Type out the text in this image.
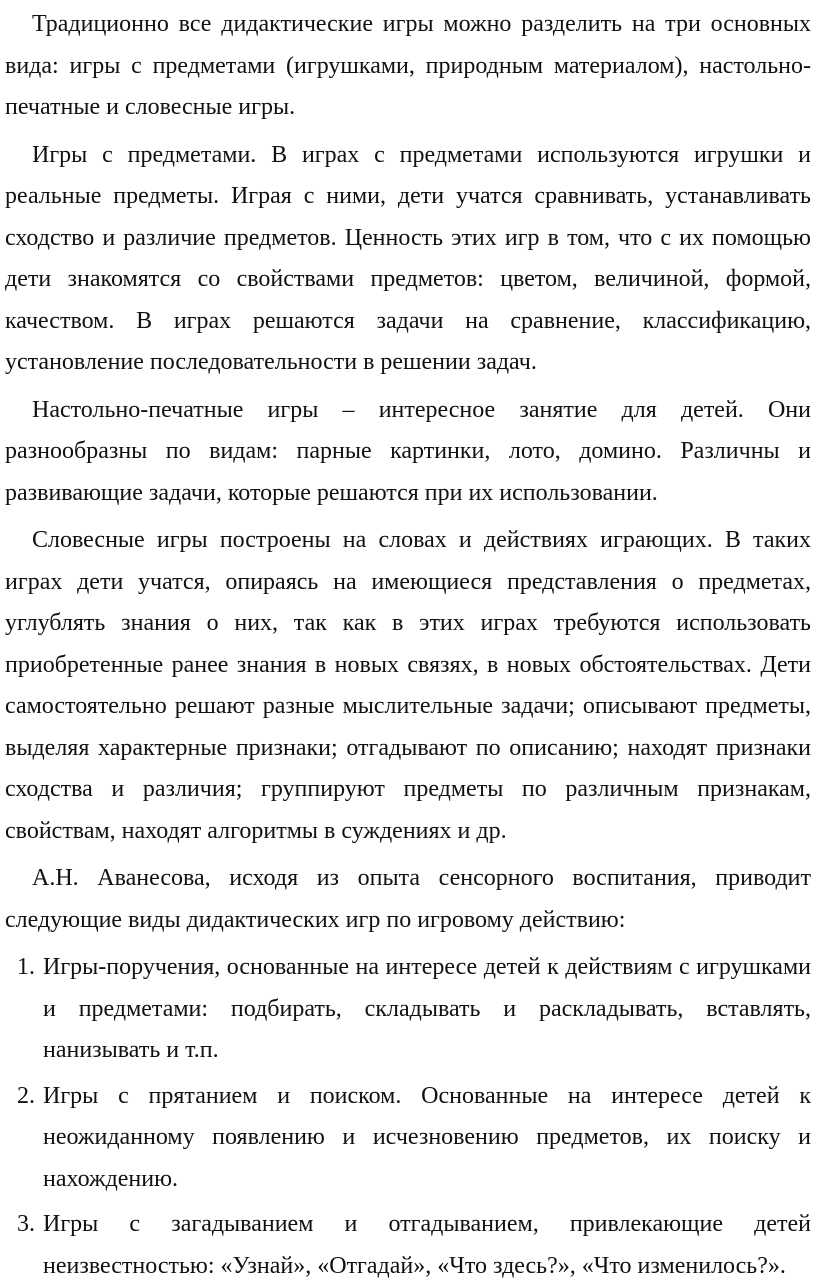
Традиционно все дидактические игры можно разделить на три основных вида: игры с предметами (игрушками, природным материалом), настольно-печатные и словесные игры.

Игры с предметами. В играх с предметами используются игрушки и реальные предметы. Играя с ними, дети учатся сравнивать, устанавливать сходство и различие предметов. Ценность этих игр в том, что с их помощью дети знакомятся со свойствами предметов: цветом, величиной, формой, качеством. В играх решаются задачи на сравнение, классификацию, установление последовательности в решении задач.

Настольно-печатные игры – интересное занятие для детей. Они разнообразны по видам: парные картинки, лото, домино. Различны и развивающие задачи, которые решаются при их использовании.

Словесные игры построены на словах и действиях играющих. В таких играх дети учатся, опираясь на имеющиеся представления о предметах, углублять знания о них, так как в этих играх требуются использовать приобретенные ранее знания в новых связях, в новых обстоятельствах. Дети самостоятельно решают разные мыслительные задачи; описывают предметы, выделяя характерные признаки; отгадывают по описанию; находят признаки сходства и различия; группируют предметы по различным признакам, свойствам, находят алгоритмы в суждениях и др.

А.Н. Аванесова, исходя из опыта сенсорного воспитания, приводит следующие виды дидактических игр по игровому действию:

1. Игры-поручения, основанные на интересе детей к действиям с игрушками и предметами: подбирать, складывать и раскладывать, вставлять, нанизывать и т.п.
2. Игры с прятанием и поиском. Основанные на интересе детей к неожиданному появлению и исчезновению предметов, их поиску и нахождению.
3. Игры с загадыванием и отгадыванием, привлекающие детей неизвестностью: «Узнай», «Отгадай», «Что здесь?», «Что изменилось?».
